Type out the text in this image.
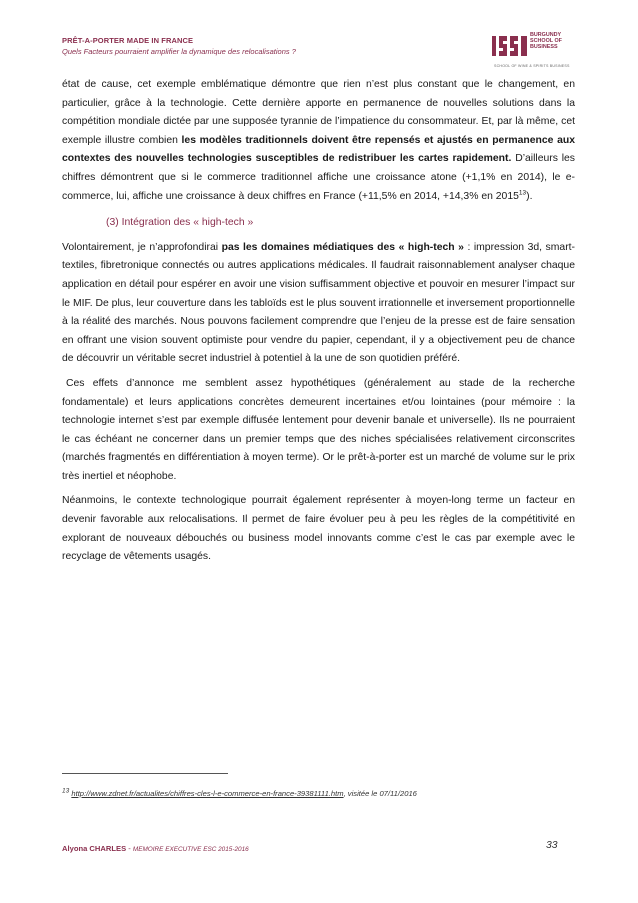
PRÊT-A-PORTER MADE IN FRANCE
Quels Facteurs pourraient amplifier la dynamique des relocalisations ?
BURGUNDY
SCHOOL OF
BUSINESS
SCHOOL OF WINE & SPIRITS BUSINESS

état de cause, cet exemple emblématique démontre que rien n’est plus constant que le changement, en particulier, grâce à la technologie. Cette dernière apporte en permanence de nouvelles solutions dans la compétition mondiale dictée par une supposée tyrannie de l’impatience du consommateur. Et, par là même, cet exemple illustre combien les modèles traditionnels doivent être repensés et ajustés en permanence aux contextes des nouvelles technologies susceptibles de redistribuer les cartes rapidement. D’ailleurs les chiffres démontrent que si le commerce traditionnel affiche une croissance atone (+1,1% en 2014), le e-commerce, lui, affiche une croissance à deux chiffres en France (+11,5% en 2014, +14,3% en 2015$^{13}$).

(3) Intégration des « high-tech »

Volontairement, je n’approfondirai pas les domaines médiatiques des « high-tech » : impression 3d, smart-textiles, fibretronique connectés ou autres applications médicales. Il faudrait raisonnablement analyser chaque application en détail pour espérer en avoir une vision suffisamment objective et pouvoir en mesurer l’impact sur le MIF. De plus, leur couverture dans les tabloïds est le plus souvent irrationnelle et inversement proportionnelle à la réalité des marchés. Nous pouvons facilement comprendre que l’enjeu de la presse est de faire sensation en offrant une vision souvent optimiste pour vendre du papier, cependant, il y a objectivement peu de chance de découvrir un véritable secret industriel à potentiel à la une de son quotidien préféré.

Ces effets d’annonce me semblent assez hypothétiques (généralement au stade de la recherche fondamentale) et leurs applications concrètes demeurent incertaines et/ou lointaines (pour mémoire : la technologie internet s’est par exemple diffusée lentement pour devenir banale et universelle). Ils ne pourraient le cas échéant ne concerner dans un premier temps que des niches spécialisées relativement circonscrites (marchés fragmentés en différentiation à moyen terme). Or le prêt-à-porter est un marché de volume sur le prix très inertiel et néophobe.

Néanmoins, le contexte technologique pourrait également représenter à moyen-long terme un facteur en devenir favorable aux relocalisations. Il permet de faire évoluer peu à peu les règles de la compétitivité en explorant de nouveaux débouchés ou business model innovants comme c’est le cas par exemple avec le recyclage de vêtements usagés.

13 http://www.zdnet.fr/actualites/chiffres-cles-l-e-commerce-en-france-39381111.htm, visitée le 07/11/2016
Alyona CHARLES - MEMOIRE EXECUTIVE ESC 2015-2016	33
